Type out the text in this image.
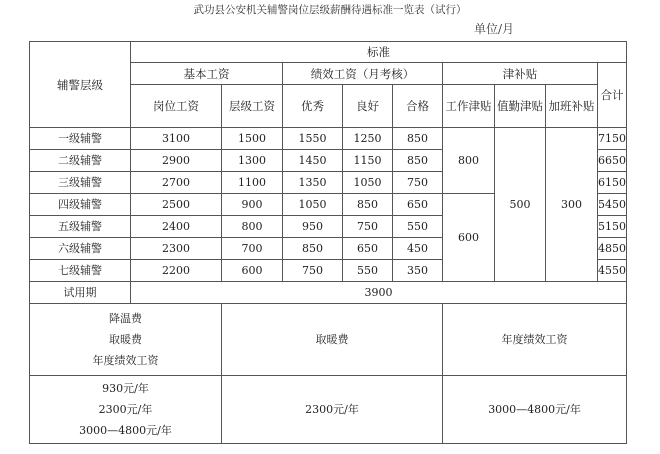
武功县公安机关辅警岗位层级薪酬待遇标准一览表（试行）
单位/月
辅警层级	标准								
	基本工资		绩效工资（月考核）			津补贴			合计
	岗位工资	层级工资	优秀	良好	合格	工作津贴	值勤津贴	加班补贴	
一级辅警	3100	1500	1550	1250	850	800	500	300	7150
二级辅警	2900	1300	1450	1150	850				6650
三级辅警	2700	1100	1350	1050	750				6150
四级辅警	2500	900	1050	850	650	600			5450
五级辅警	2400	800	950	750	550				5150
六级辅警	2300	700	850	650	450				4850
七级辅警	2200	600	750	550	350				4550
试用期	3900								

降温费
取暖费
年度绩效工资		取暖费				年度绩效工资			

930元/年
2300元/年
3000—4800元/年		2300元/年				3000—4800元/年			
